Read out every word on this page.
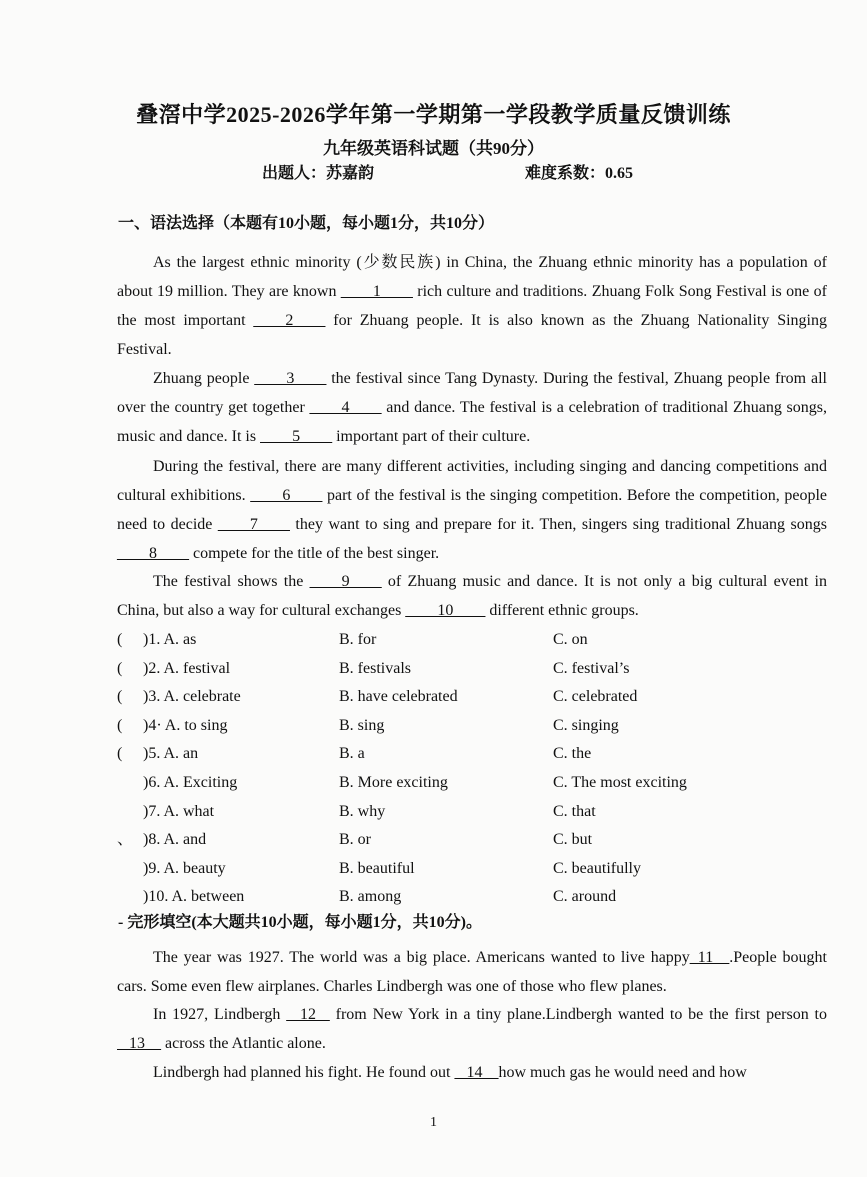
叠滘中学2025-2026学年第一学期第一学段教学质量反馈训练
九年级英语科试题（共90分）
出题人：苏嘉韵	难度系数：0.65
一、语法选择（本题有10小题，每小题1分，共10分）

As the largest ethnic minority (少数民族) in China, the Zhuang ethnic minority has a population of about 19 million. They are known ____1____ rich culture and traditions. Zhuang Folk Song Festival is one of the most important ____2____ for Zhuang people. It is also known as the Zhuang Nationality Singing Festival.

Zhuang people ____3____ the festival since Tang Dynasty. During the festival, Zhuang people from all over the country get together ____4____ and dance. The festival is a celebration of traditional Zhuang songs, music and dance. It is ____5____ important part of their culture.

During the festival, there are many different activities, including singing and dancing competitions and cultural exhibitions. ____6____ part of the festival is the singing competition. Before the competition, people need to decide ____7____ they want to sing and prepare for it. Then, singers sing traditional Zhuang songs ____8____ compete for the title of the best singer.

The festival shows the ____9____ of Zhuang music and dance. It is not only a big cultural event in China, but also a way for cultural exchanges ____10____ different ethnic groups.

( )1. A. as	B. for	C. on
( )2. A. festival	B. festivals	C. festival’s
( )3. A. celebrate	B. have celebrated	C. celebrated
( )4· A. to sing	B. sing	C. singing
( )5. A. an	B. a	C. the
)6. A. Exciting	B. More exciting	C. The most exciting
)7. A. what	B. why	C. that
、 )8. A. and	B. or	C. but
)9. A. beauty	B. beautiful	C. beautifully
)10. A. between	B. among	C. around
- 完形填空(本大题共10小题，每小题1分，共10分)。

The year was 1927. The world was a big place. Americans wanted to live happy_11__.People bought cars. Some even flew airplanes. Charles Lindbergh was one of those who flew planes.

In 1927, Lindbergh  _12_  from New York in a tiny plane.Lindbergh wanted to be the first person to  _13__ across the Atlantic alone.

Lindbergh had planned his fight. He found out  _14__how much gas he would need and how

1
